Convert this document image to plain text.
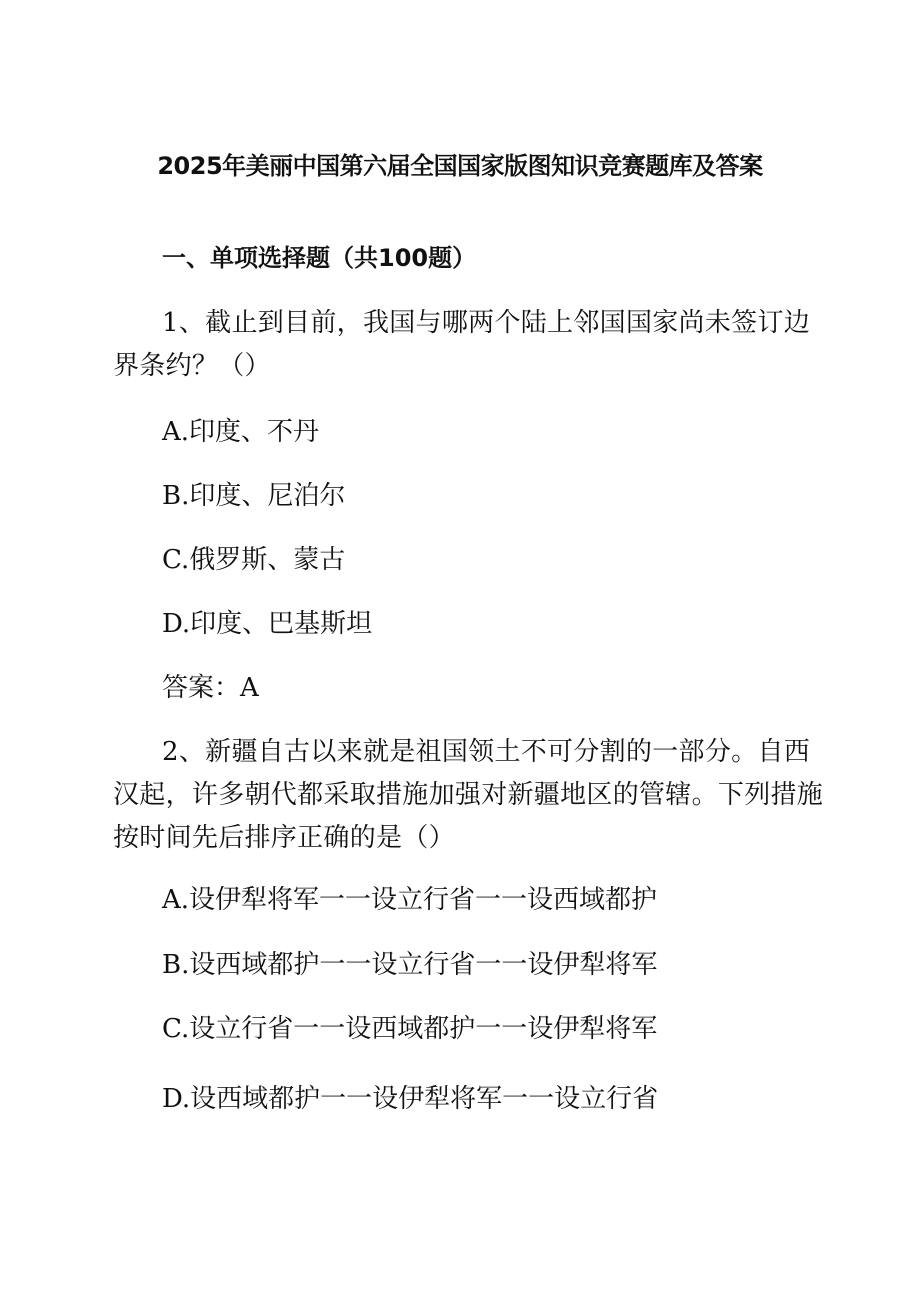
2025年美丽中国第六届全国国家版图知识竞赛题库及答案
一、单项选择题（共100题）
1、截止到目前，我国与哪两个陆上邻国国家尚未签订边界条约？（）
A.印度、不丹
B.印度、尼泊尔
C.俄罗斯、蒙古
D.印度、巴基斯坦
答案：A
2、新疆自古以来就是祖国领土不可分割的一部分。自西汉起，许多朝代都采取措施加强对新疆地区的管辖。下列措施按时间先后排序正确的是（）
A.设伊犁将军一一设立行省一一设西域都护
B.设西域都护一一设立行省一一设伊犁将军
C.设立行省一一设西域都护一一设伊犁将军
D.设西域都护一一设伊犁将军一一设立行省
